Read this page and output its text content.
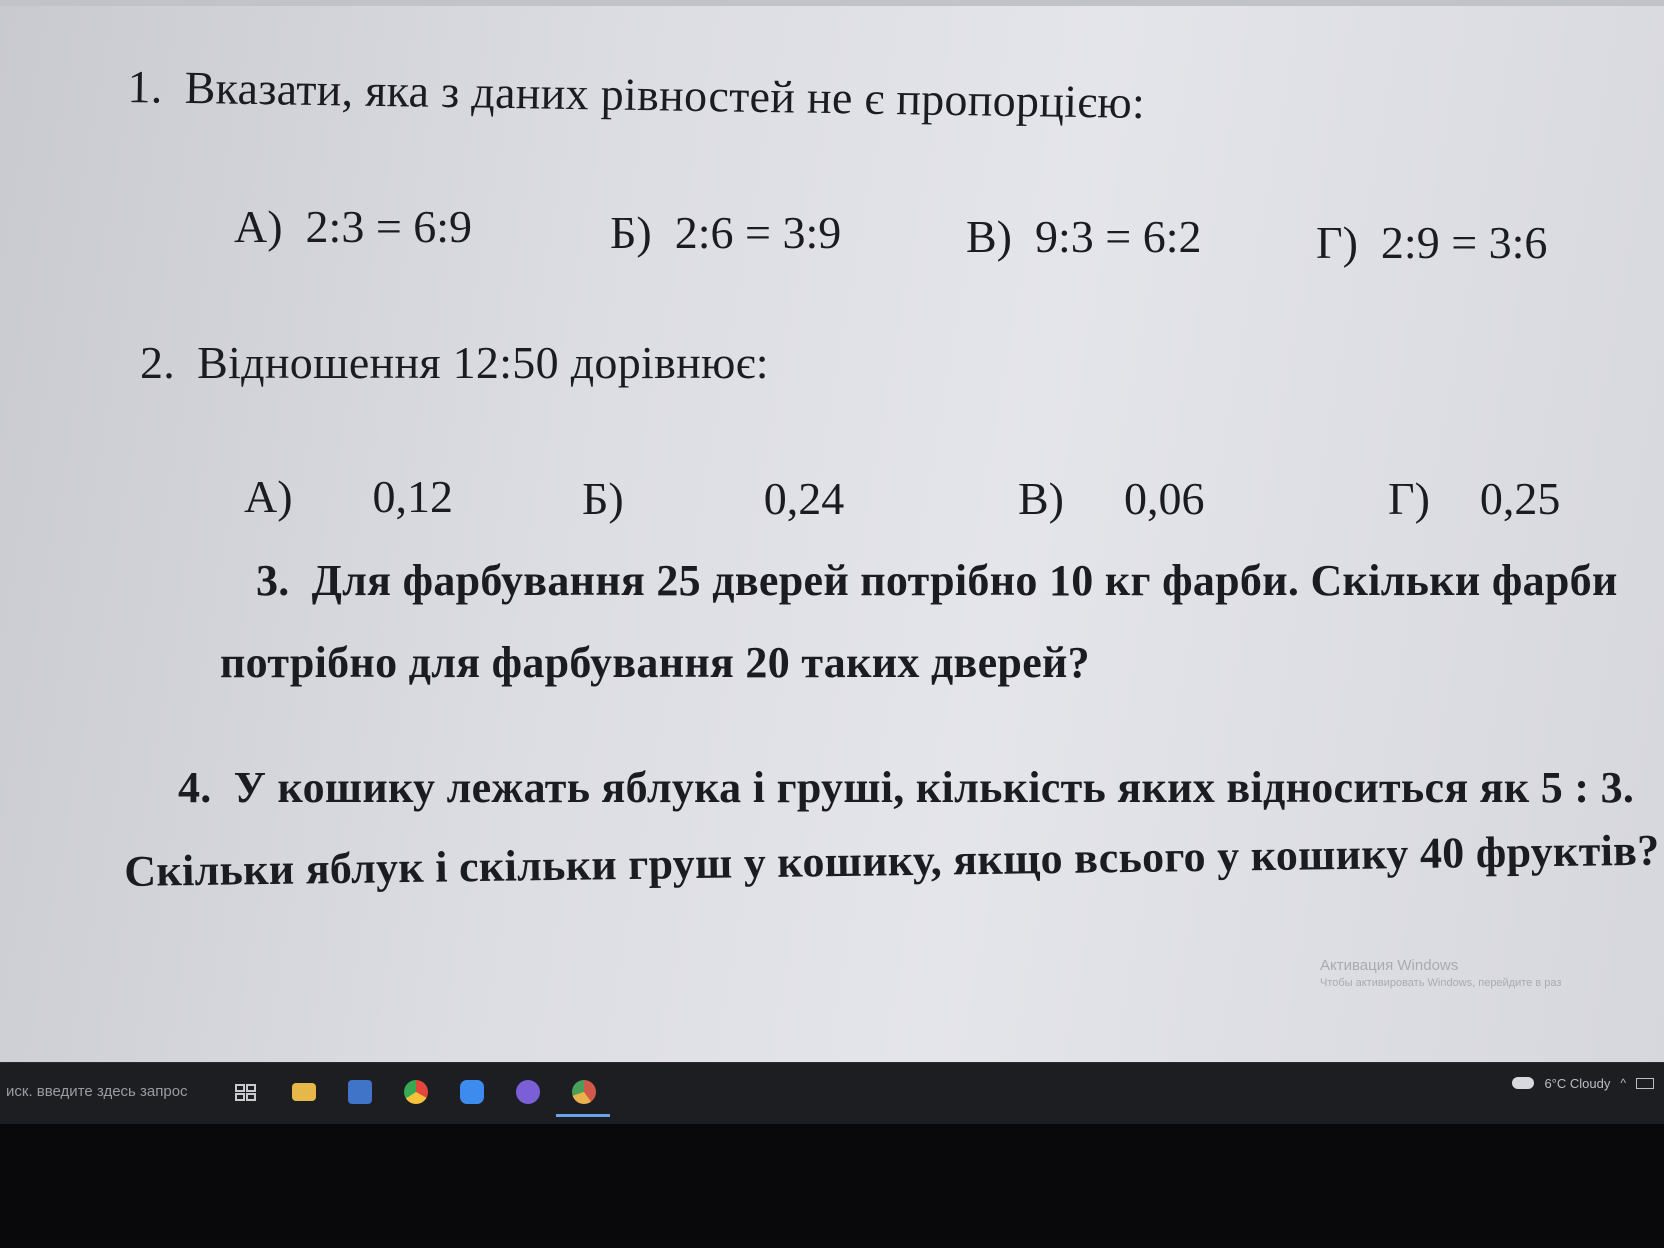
1. Вказати, яка з даних рівностей не є пропорцією:
А) 2:3 = 6:9	Б) 2:6 = 3:9	В) 9:3 = 6:2 Г) 2:9 = 3:6
2. Відношення 12:50 дорівнює:
А) 0,12	Б)	0,24	В) 0,06	Г) 0,25
3. Для фарбування 25 дверей потрібно 10 кг фарби. Скільки фарби
потрібно для фарбування 20 таких дверей?
4. У кошику лежать яблука і груші, кількість яких відноситься як 5 : 3.
Скільки яблук і скільки груш у кошику, якщо всього у кошику 40 фруктів?
Активация Windows
Чтобы активировать Windows, перейдите в раз
иск. введите здесь запрос	6°C Cloudy ^
